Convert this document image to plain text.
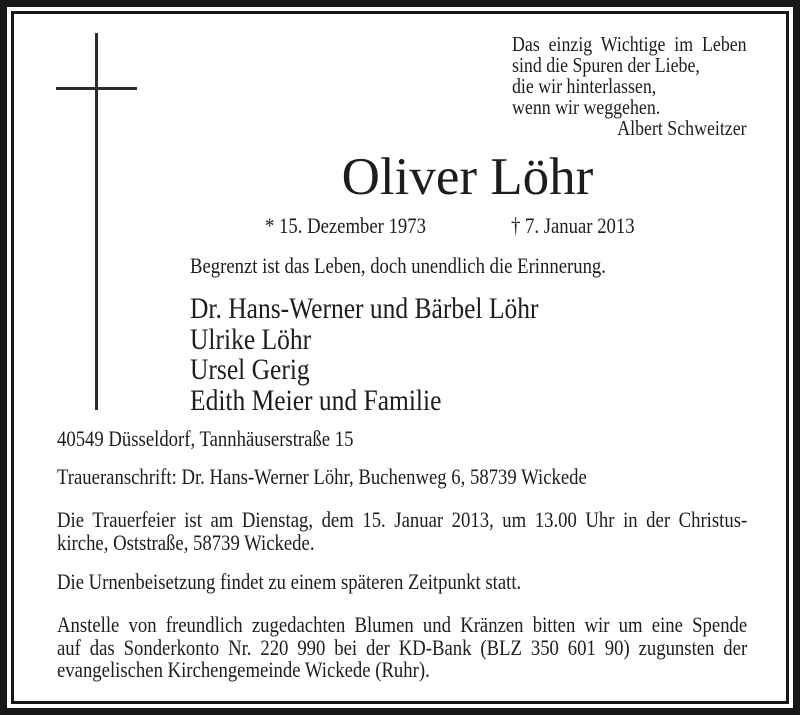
Das einzig Wichtige im Leben
sind die Spuren der Liebe,
die wir hinterlassen,
wenn wir weggehen.
Albert Schweitzer
Oliver Löhr
* 15. Dezember 1973	† 7. Januar 2013
Begrenzt ist das Leben, doch unendlich die Erinnerung.
Dr. Hans-Werner und Bärbel Löhr
Ulrike Löhr
Ursel Gerig
Edith Meier und Familie
40549 Düsseldorf, Tannhäuserstraße 15
Traueranschrift: Dr. Hans-Werner Löhr, Buchenweg 6, 58739 Wickede
Die Trauerfeier ist am Dienstag, dem 15. Januar 2013, um 13.00 Uhr in der Christus-
kirche, Oststraße, 58739 Wickede.
Die Urnenbeisetzung findet zu einem späteren Zeitpunkt statt.
Anstelle von freundlich zugedachten Blumen und Kränzen bitten wir um eine Spende
auf das Sonderkonto Nr. 220 990 bei der KD-Bank (BLZ 350 601 90) zugunsten der
evangelischen Kirchengemeinde Wickede (Ruhr).
